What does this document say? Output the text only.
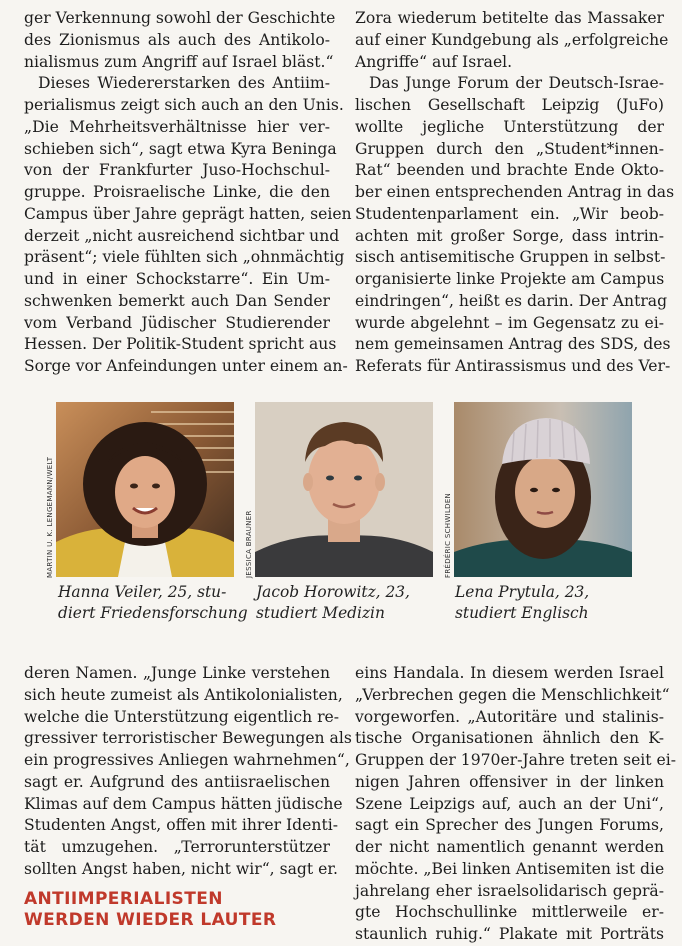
ger Verkennung sowohl der Geschichte
des Zionismus als auch des Antikolo-
nialismus zum Angriff auf Israel bläst.“
Dieses Wiedererstarken des Antiim-
perialismus zeigt sich auch an den Unis.
„Die Mehrheitsverhältnisse hier ver-
schieben sich“, sagt etwa Kyra Beninga
von der Frankfurter Juso-Hochschul-
gruppe. Proisraelische Linke, die den
Campus über Jahre geprägt hatten, seien
derzeit „nicht ausreichend sichtbar und
präsent“; viele fühlten sich „ohnmächtig
und in einer Schockstarre“. Ein Um-
schwenken bemerkt auch Dan Sender
vom Verband Jüdischer Studierender
Hessen. Der Politik-Student spricht aus
Sorge vor Anfeindungen unter einem an-
Zora wiederum betitelte das Massaker
auf einer Kundgebung als „erfolgreiche
Angriffe“ auf Israel.
Das Junge Forum der Deutsch-Israe-
lischen Gesellschaft Leipzig (JuFo)
wollte jegliche Unterstützung der
Gruppen durch den „Student*innen-
Rat“ beenden und brachte Ende Okto-
ber einen entsprechenden Antrag in das
Studentenparlament ein. „Wir beob-
achten mit großer Sorge, dass intrin-
sisch antisemitische Gruppen in selbst-
organisierte linke Projekte am Campus
eindringen“, heißt es darin. Der Antrag
wurde abgelehnt – im Gegensatz zu ei-
nem gemeinsamen Antrag des SDS, des
Referats für Antirassismus und des Ver-
MARTIN U. K. LENGEMANN/WELT	JESSICA BRAUNER	FRÉDÉRIC SCHWILDEN
Hanna Veiler, 25, stu-
diert Friedensforschung
Jacob Horowitz, 23,
studiert Medizin
Lena Prytula, 23,
studiert Englisch
deren Namen. „Junge Linke verstehen
sich heute zumeist als Antikolonialisten,
welche die Unterstützung eigentlich re-
gressiver terroristischer Bewegungen als
ein progressives Anliegen wahrnehmen“,
sagt er. Aufgrund des antiisraelischen
Klimas auf dem Campus hätten jüdische
Studenten Angst, offen mit ihrer Identi-
tät umzugehen. „Terrorunterstützer
sollten Angst haben, nicht wir“, sagt er.
ANTIIMPERIALISTEN
WERDEN WIEDER LAUTER
eins Handala. In diesem werden Israel
„Verbrechen gegen die Menschlichkeit“
vorgeworfen. „Autoritäre und stalinis-
tische Organisationen ähnlich den K-
Gruppen der 1970er-Jahre treten seit ei-
nigen Jahren offensiver in der linken
Szene Leipzigs auf, auch an der Uni“,
sagt ein Sprecher des Jungen Forums,
der nicht namentlich genannt werden
möchte. „Bei linken Antisemiten ist die
jahrelang eher israelsolidarisch geprä-
gte Hochschullinke mittlerweile er-
staunlich ruhig.“ Plakate mit Porträts
